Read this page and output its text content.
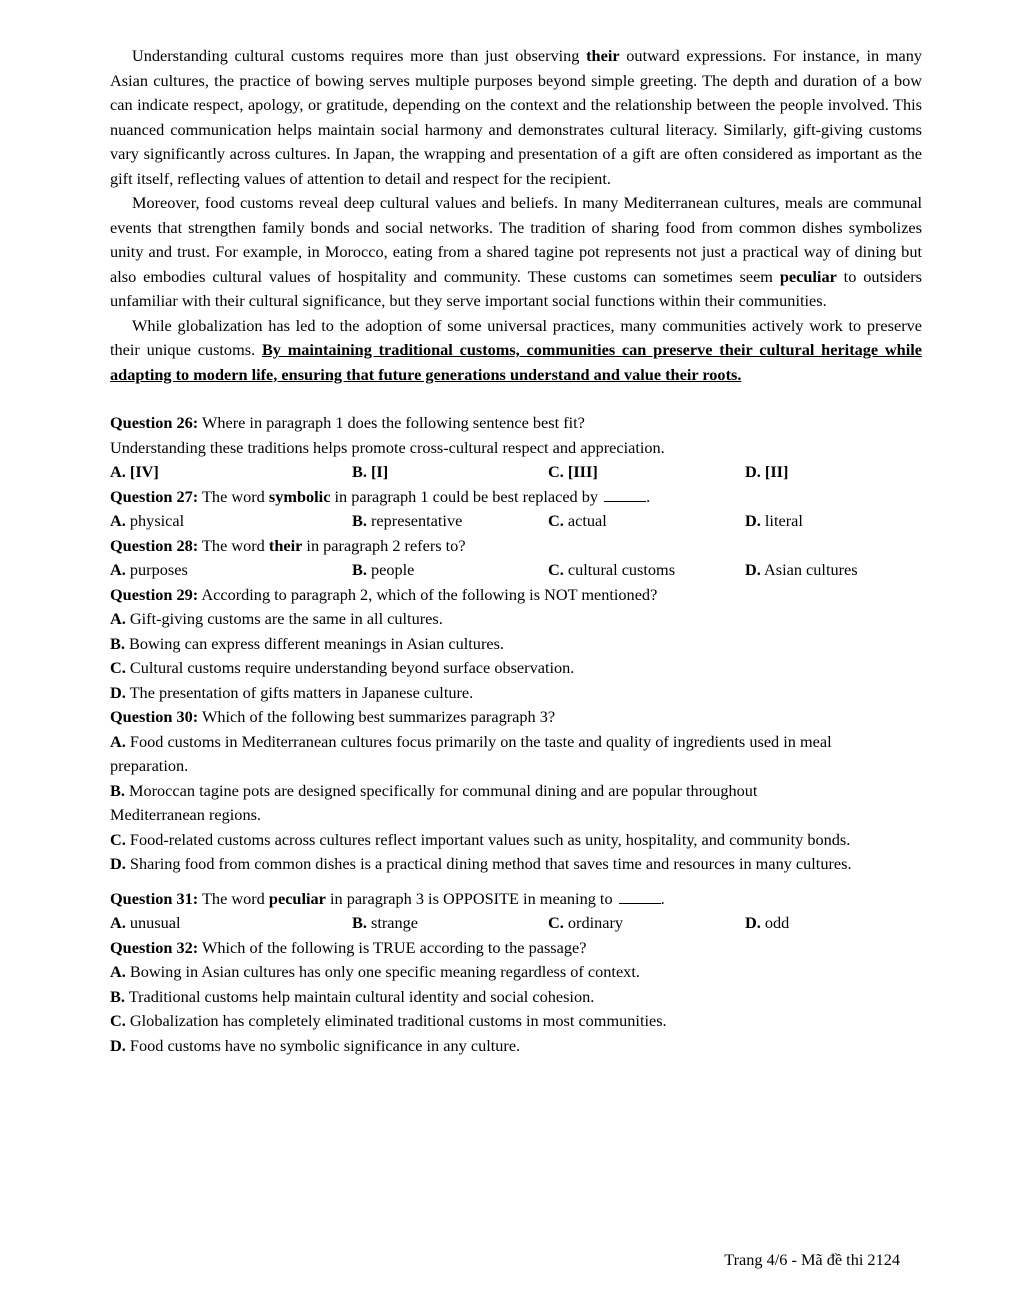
Understanding cultural customs requires more than just observing their outward expressions. For instance, in many Asian cultures, the practice of bowing serves multiple purposes beyond simple greeting. The depth and duration of a bow can indicate respect, apology, or gratitude, depending on the context and the relationship between the people involved. This nuanced communication helps maintain social harmony and demonstrates cultural literacy. Similarly, gift-giving customs vary significantly across cultures. In Japan, the wrapping and presentation of a gift are often considered as important as the gift itself, reflecting values of attention to detail and respect for the recipient.

Moreover, food customs reveal deep cultural values and beliefs. In many Mediterranean cultures, meals are communal events that strengthen family bonds and social networks. The tradition of sharing food from common dishes symbolizes unity and trust. For example, in Morocco, eating from a shared tagine pot represents not just a practical way of dining but also embodies cultural values of hospitality and community. These customs can sometimes seem peculiar to outsiders unfamiliar with their cultural significance, but they serve important social functions within their communities.

While globalization has led to the adoption of some universal practices, many communities actively work to preserve their unique customs. By maintaining traditional customs, communities can preserve their cultural heritage while adapting to modern life, ensuring that future generations understand and value their roots.

Question 26: Where in paragraph 1 does the following sentence best fit?

Understanding these traditions helps promote cross-cultural respect and appreciation.

A. [IV]	B. [I]	C. [III]	D. [II]

Question 27: The word symbolic in paragraph 1 could be best replaced by	.

A. physical	B. representative	C. actual	D. literal

Question 28: The word their in paragraph 2 refers to?

A. purposes	B. people	C. cultural customs	D. Asian cultures

Question 29: According to paragraph 2, which of the following is NOT mentioned?

A. Gift-giving customs are the same in all cultures.

B. Bowing can express different meanings in Asian cultures.

C. Cultural customs require understanding beyond surface observation.

D. The presentation of gifts matters in Japanese culture.

Question 30: Which of the following best summarizes paragraph 3?

A. Food customs in Mediterranean cultures focus primarily on the taste and quality of ingredients used in meal preparation.

B. Moroccan tagine pots are designed specifically for communal dining and are popular throughout Mediterranean regions.

C. Food-related customs across cultures reflect important values such as unity, hospitality, and community bonds.

D. Sharing food from common dishes is a practical dining method that saves time and resources in many cultures.

Question 31: The word peculiar in paragraph 3 is OPPOSITE in meaning to	.

A. unusual	B. strange	C. ordinary	D. odd

Question 32: Which of the following is TRUE according to the passage?

A. Bowing in Asian cultures has only one specific meaning regardless of context.

B. Traditional customs help maintain cultural identity and social cohesion.

C. Globalization has completely eliminated traditional customs in most communities.

D. Food customs have no symbolic significance in any culture.

Trang 4/6 - Mã đề thi 2124
